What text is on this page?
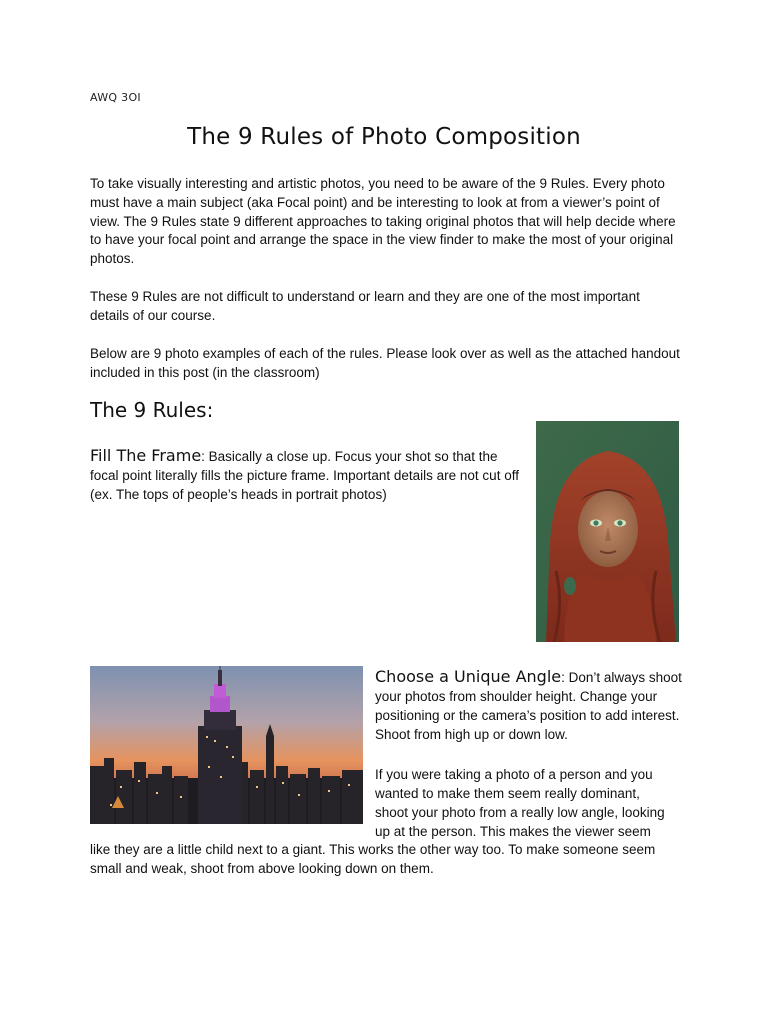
AWQ 3OI
The 9 Rules of Photo Composition

To take visually interesting and artistic photos, you need to be aware of the 9 Rules. Every photo must have a main subject (aka Focal point) and be interesting to look at from a viewer’s point of view. The 9 Rules state 9 different approaches to taking original photos that will help decide where to have your focal point and arrange the space in the view finder to make the most of your original photos.

These 9 Rules are not difficult to understand or learn and they are one of the most important details of our course.

Below are 9 photo examples of each of the rules. Please look over as well as the attached handout included in this post (in the classroom)

The 9 Rules:

Fill The Frame: Basically a close up. Focus your shot so that the focal point literally fills the picture frame. Important details are not cut off (ex. The tops of people’s heads in portrait photos)

Choose a Unique Angle: Don’t always shoot your photos from shoulder height. Change your positioning or the camera’s position to add interest. Shoot from high up or down low.

If you were taking a photo of a person and you wanted to make them seem really dominant, shoot your photo from a really low angle, looking up at the person. This makes the viewer seem

like they are a little child next to a giant. This works the other way too. To make someone seem small and weak, shoot from above looking down on them.
